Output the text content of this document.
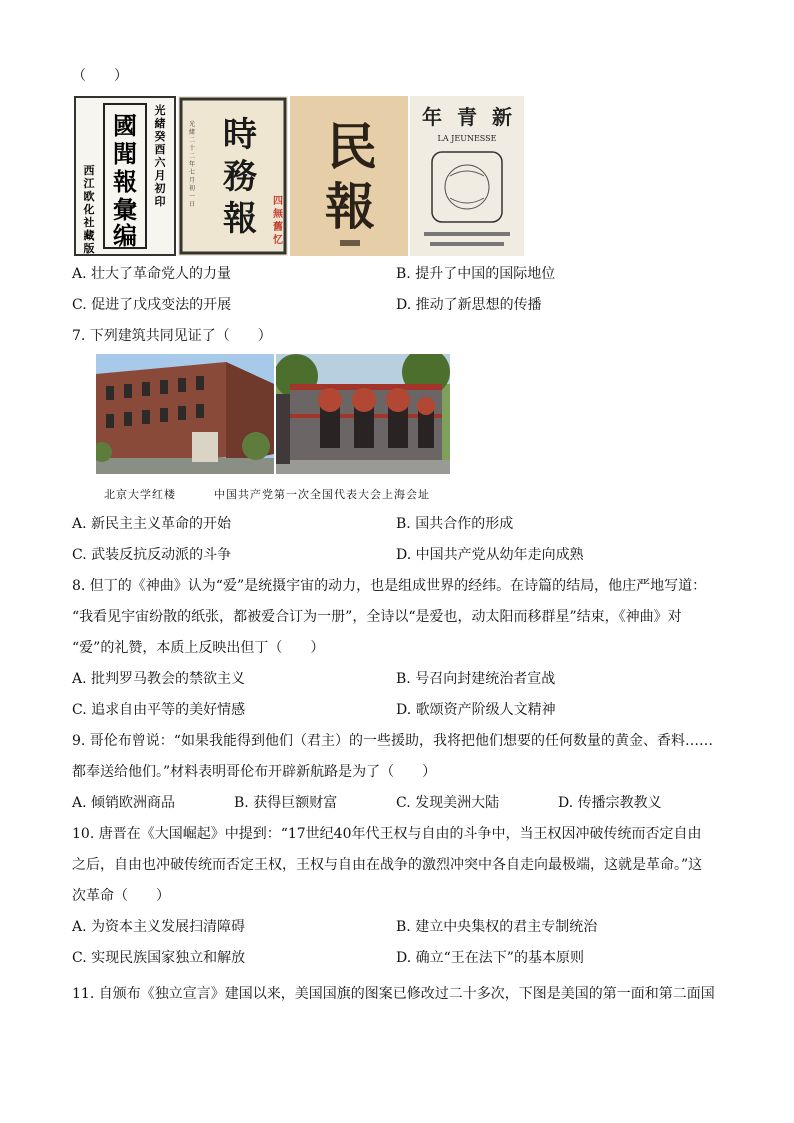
（　　）
國
聞
報
彙
编
光
緒
癸
酉
六
月
初
印
西
江
欧
化
社
藏
版
時
務
報
光
緒
二
十
二
年
七
月
初
一
日	四
無
舊
忆
民
報
年 青 新
LA JEUNESSE
A. 壮大了革命党人的力量	B. 提升了中国的国际地位
C. 促进了戊戌变法的开展	D. 推动了新思想的传播
7. 下列建筑共同见证了（　　）
北京大学红楼	中国共产党第一次全国代表大会上海会址
A. 新民主主义革命的开始	B. 国共合作的形成
C. 武装反抗反动派的斗争	D. 中国共产党从幼年走向成熟
8. 但丁的《神曲》认为“爱”是统摄宇宙的动力，也是组成世界的经纬。在诗篇的结局，他庄严地写道：
“我看见宇宙纷散的纸张，都被爱合订为一册”，全诗以“是爱也，动太阳而移群星”结束，《神曲》对
“爱”的礼赞，本质上反映出但丁（　　）
A. 批判罗马教会的禁欲主义	B. 号召向封建统治者宣战
C. 追求自由平等的美好情感	D. 歌颂资产阶级人文精神
9. 哥伦布曾说：“如果我能得到他们（君主）的一些援助，我将把他们想要的任何数量的黄金、香料……
都奉送给他们。”材料表明哥伦布开辟新航路是为了（　　）
A. 倾销欧洲商品	B. 获得巨额财富	C. 发现美洲大陆	D. 传播宗教教义
10. 唐晋在《大国崛起》中提到：“17世纪40年代王权与自由的斗争中，当王权因冲破传统而否定自由
之后，自由也冲破传统而否定王权，王权与自由在战争的激烈冲突中各自走向最极端，这就是革命。”这
次革命（　　）
A. 为资本主义发展扫清障碍	B. 建立中央集权的君主专制统治
C. 实现民族国家独立和解放	D. 确立“王在法下”的基本原则
11. 自颁布《独立宣言》建国以来，美国国旗的图案已修改过二十多次，下图是美国的第一面和第二面国
